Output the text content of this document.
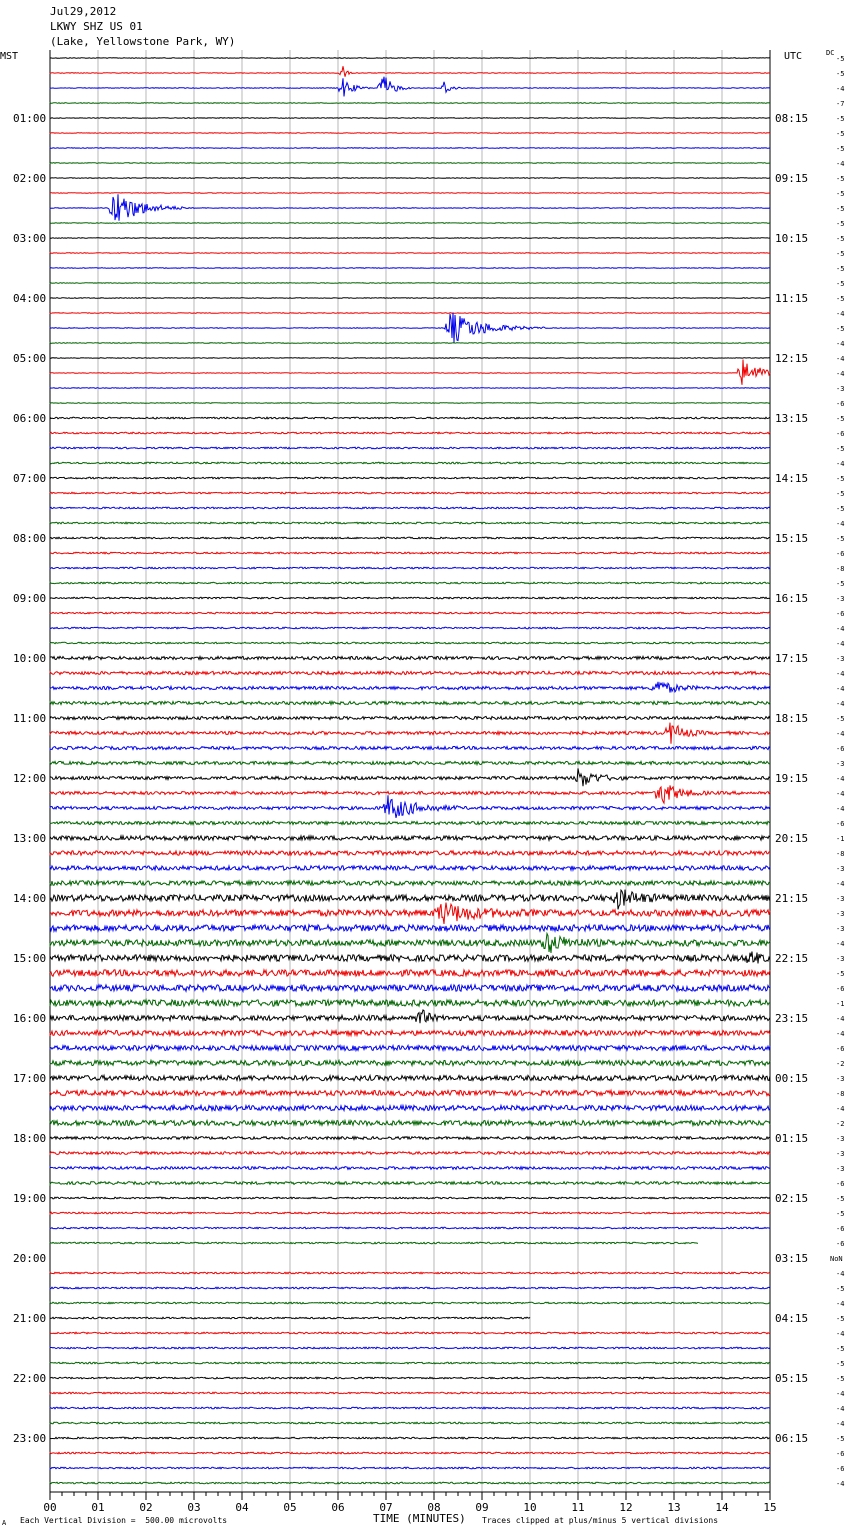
Jul29,2012
LKWY SHZ US 01
(Lake, Yellowstone Park, WY)
MST	UTC	DC
-5
-5
-4
-7
-5
-5
-5
-4
-5
-5
-5
-5
-5
-5
-5
-5
-5
-4
-5
-4
-4
-4
-3
-6
-5
-6
-5
-4
-5
-5
-5
-4
-5
-6
-8
-5
-3
-6
-4
-4
-3
-4
-4
-4
-5
-4
-6
-3
-4
-4
-4
-6
-1
-8
-3
-4
-3
-3
-3
-4
-3
-5
-6
-1
-4
-4
-6
-2
-3
-8
-4
-2
-3
-3
-3
-6
-5
-5
-6
-6
-4
-5
-4
-5
-4
-5
-5
-5
-4
-4
-4
-5
-6
-6
-4
NoN
01:00	08:15
02:00	09:15
03:00	10:15
04:00	11:15
05:00	12:15
06:00	13:15
07:00	14:15
08:00	15:15
09:00	16:15
10:00	17:15
11:00	18:15
12:00	19:15
13:00	20:15
14:00	21:15
15:00	22:15
16:00	23:15
17:00	00:15
18:00	01:15
19:00	02:15
20:00	03:15
21:00	04:15
22:00	05:15
23:00	06:15
00	01	02	03	04	05	06	07	08	09	10	11	12	13	14	15
A Each Vertical Division =  500.00 microvolts	TIME (MINUTES) Traces clipped at plus/minus 5 vertical divisions
